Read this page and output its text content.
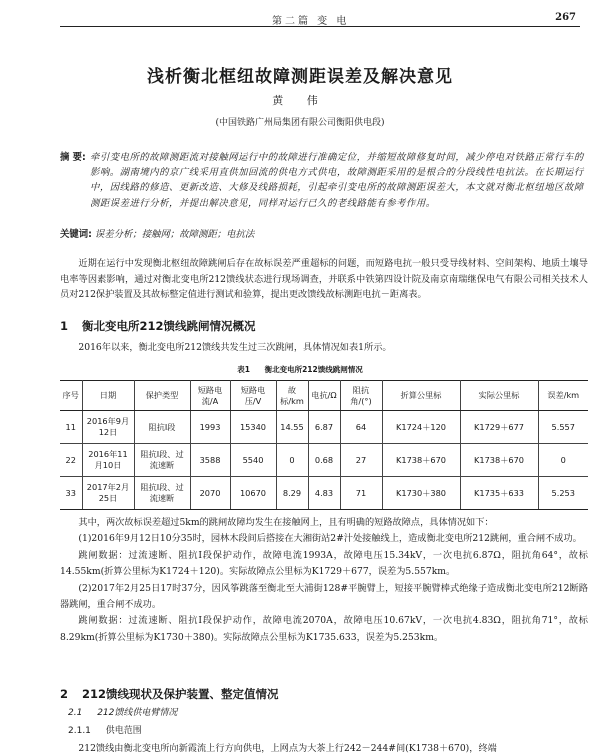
第二篇 变 电	267
浅析衡北框纽故障测距误差及解决意见
黄 伟
(中国铁路广州局集团有限公司衡阳供电段)
摘 要: 牵引变电所的故障测距流对接触网运行中的故障进行准确定位，并缩短故障修复时间，减少停电对铁路正常行车的影响。湖南境内的京广线采用直供加回流的供电方式供电，故障测距采用的是根合的分段线性电抗法。在长期运行中，因线路的修造、更新改造、大修及线路损耗，引起牵引变电所的故障测距误差大，本文就对衡北枢纽地区故障测距误差进行分析，并提出解决意见，同样对运行已久的老线路能有参考作用。
关键词: 误差分析；接触网；故障测距；电抗法
近期在运行中发现衡北枢纽故障跳闸后存在故标误差严重超标的问题，而短路电抗一般只受导线材料、空间架构、地质土壤导电率等因素影响，通过对衡北变电所212馈线状态进行现场调查，并联系中铁第四设计院及南京南瑞继保电气有限公司相关技术人员对212保护装置及其故标整定值进行测试和验算，提出更改馈线故标测距电抗－距离表。
1 衡北变电所212馈线跳闸情况概况
2016年以来，衡北变电所212馈线共发生过三次跳闸，具体情况如表1所示。
表1 衡北变电所212馈线跳闸情况
序号	日期	保护类型	短路电流/A	短路电压/V	故标/km	电抗/Ω	阻抗角/(°)	折算公里标	实际公里标	误差/km
11	2016年9月12日	阻抗Ⅰ段	1993	15340	14.55	6.87	64	K1724＋120	K1729＋677	5.557
22	2016年11月10日	阻抗Ⅰ段、过流速断	3588	5540	0	0.68	27	K1738＋670	K1738＋670	0
33	2017年2月25日	阻抗Ⅰ段、过流速断	2070	10670	8.29	4.83	71	K1730＋380	K1735＋633	5.253

其中，两次故标误差超过5km的跳闸故障均发生在接触网上，且有明确的短路故障点，具体情况如下：

(1)2016年9月12日10分35时，园林木段间后搭接在大湘街站2#汁处接触线上，造成衡北变电所212跳闸，重合闸不成功。

跳闸数据：过流速断、阻抗Ⅰ段保护动作，故障电流1993A，故障电压15.34kV，一次电抗6.87Ω，阻抗角64°，故标14.55km(折算公里标为K1724＋120)。实际故障点公里标为K1729＋677，误差为5.557km。

(2)2017年2月25日17时37分，因风筝跳落至衡北至大浦街128#平腕臂上，短接平腕臂棒式绝缘子造成衡北变电所212断路器跳闸，重合闸不成功。

跳闸数据：过流速断、阻抗Ⅰ段保护动作，故障电流2070A，故障电压10.67kV，一次电抗4.83Ω，阻抗角71°，故标8.29km(折算公里标为K1730＋380)。实际故障点公里标为K1735.633，误差为5.253km。

2 212馈线现状及保护装置、整定值情况
2.1 212馈线供电臂情况
2.1.1 供电范围
212馈线由衡北变电所向新霞流上行方向供电，上网点为大茶上行242－244#间(K1738＋670)，终端
